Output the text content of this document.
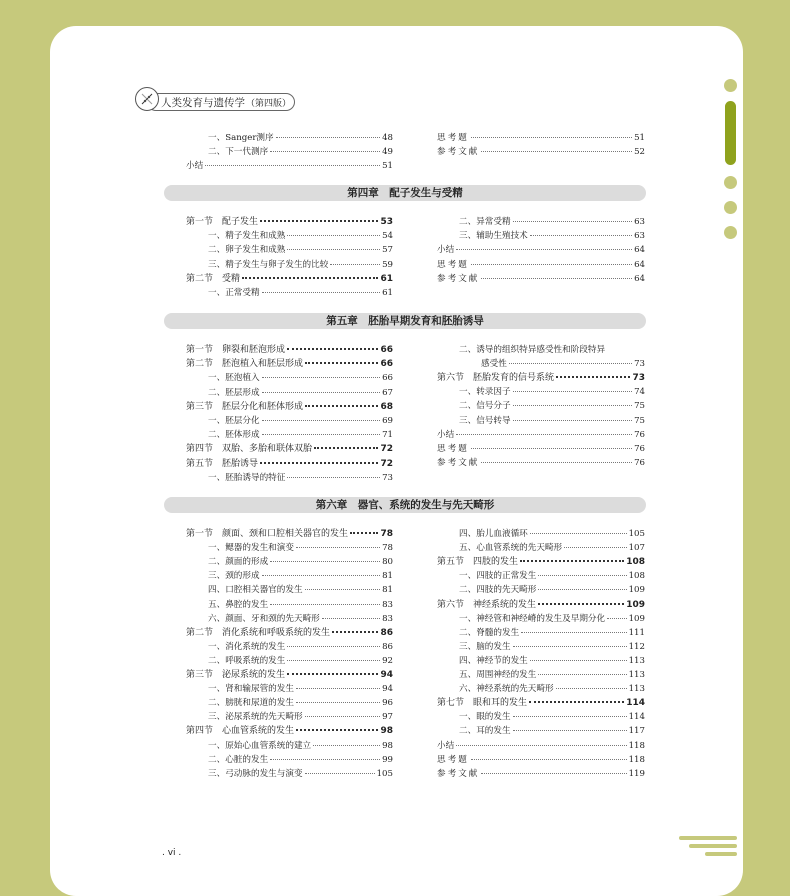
人类发育与遗传学（第四版）
一、Sanger测序	48
二、下一代测序	49
小结	51
思考题	51
参考文献	52
第四章　配子发生与受精
第一节　配子发生	53
一、精子发生和成熟	54
二、卵子发生和成熟	57
三、精子发生与卵子发生的比较	59
第二节　受精	61
一、正常受精	61
二、异常受精	63
三、辅助生殖技术	63
小结	64
思考题	64
参考文献	64
第五章　胚胎早期发育和胚胎诱导
第一节　卵裂和胚泡形成	66
第二节　胚泡植入和胚层形成	66
一、胚泡植入	66
二、胚层形成	67
第三节　胚层分化和胚体形成	68
一、胚层分化	69
二、胚体形成	71
第四节　双胎、多胎和联体双胎	72
第五节　胚胎诱导	72
一、胚胎诱导的特征	73
二、诱导的组织特异感受性和阶段特异
感受性	73
第六节　胚胎发育的信号系统	73
一、转录因子	74
二、信号分子	75
三、信号转导	75
小结	76
思考题	76
参考文献	76
第六章　器官、系统的发生与先天畸形
第一节　颜面、颈和口腔相关器官的发生	78
一、鳃器的发生和演变	78
二、颜面的形成	80
三、颈的形成	81
四、口腔相关器官的发生	81
五、鼻腔的发生	83
六、颜面、牙和颈的先天畸形	83
第二节　消化系统和呼吸系统的发生	86
一、消化系统的发生	86
二、呼吸系统的发生	92
第三节　泌尿系统的发生	94
一、肾和输尿管的发生	94
二、膀胱和尿道的发生	96
三、泌尿系统的先天畸形	97
第四节　心血管系统的发生	98
一、原始心血管系统的建立	98
二、心脏的发生	99
三、弓动脉的发生与演变	105
四、胎儿血液循环	105
五、心血管系统的先天畸形	107
第五节　四肢的发生	108
一、四肢的正常发生	108
二、四肢的先天畸形	109
第六节　神经系统的发生	109
一、神经管和神经嵴的发生及早期分化	109
二、脊髓的发生	111
三、脑的发生	112
四、神经节的发生	113
五、周围神经的发生	113
六、神经系统的先天畸形	113
第七节　眼和耳的发生	114
一、眼的发生	114
二、耳的发生	117
小结	118
思考题	118
参考文献	119
. vi .
